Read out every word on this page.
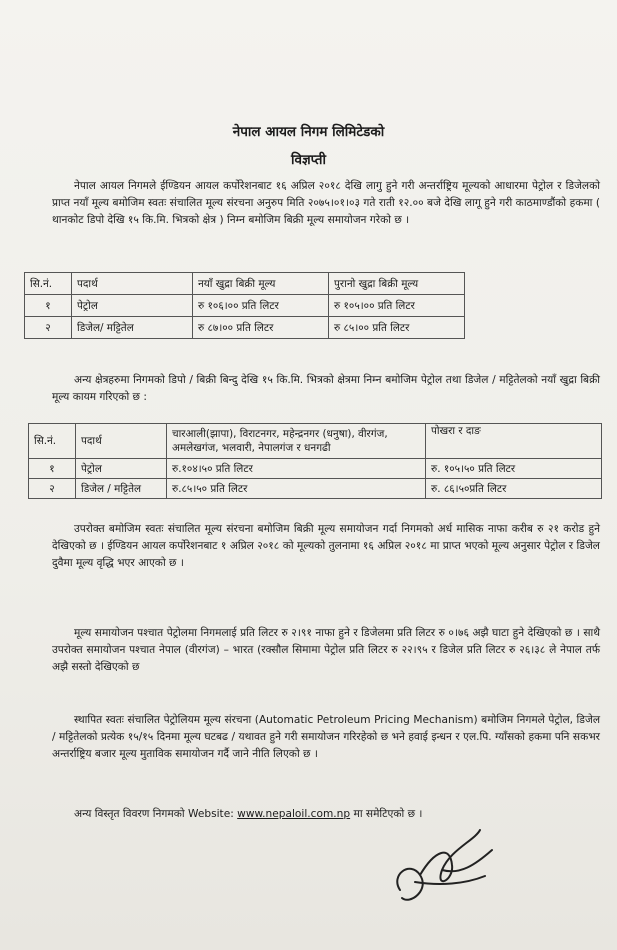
नेपाल आयल निगम लिमिटेडको
विज्ञप्ती
नेपाल आयल निगमले ईण्डियन आयल कर्पोरेशनबाट १६ अप्रिल २०१८ देखि लागु हुने गरी अन्तर्राष्ट्रिय मूल्यको आधारमा पेट्रोल र डिजेलको प्राप्त नयाँ मूल्य बमोजिम स्वतः संचालित मूल्य संरचना अनुरुप मिति २०७५।०१।०३ गते राती १२.०० बजे देखि लागू हुने गरी काठमाण्डौंको हकमा ( थानकोट डिपो देखि १५ कि.मि. भित्रको क्षेत्र ) निम्न बमोजिम बिक्री मूल्य समायोजन गरेको छ ।
सि.नं.	पदार्थ	नयाँ खुद्रा बिक्री मूल्य	पुरानो खुद्रा बिक्री मूल्य
१	पेट्रोल	रु १०६।०० प्रति लिटर	रु १०५।०० प्रति लिटर
२	डिजेल/ मट्टितेल	रु ८७।०० प्रति लिटर	रु ८५।०० प्रति लिटर
अन्य क्षेत्रहरुमा निगमको डिपो / बिक्री बिन्दु देखि १५ कि.मि. भित्रको क्षेत्रमा निम्न बमोजिम पेट्रोल तथा डिजेल / मट्टितेलको नयाँ खुद्रा बिक्री मूल्य कायम गरिएको छ :
सि.नं.	पदार्थ	चारआली(झापा), विराटनगर, महेन्द्रनगर (धनुषा), वीरगंज, अमलेखगंज, भलवारी, नेपालगंज र धनगढी	पोखरा र दाङ
१	पेट्रोल	रु.१०४।५० प्रति लिटर	रु. १०५।५० प्रति लिटर
२	डिजेल / मट्टितेल	रु.८५।५० प्रति लिटर	रु. ८६।५०प्रति लिटर
उपरोक्त बमोजिम स्वतः संचालित मूल्य संरचना बमोजिम बिक्री मूल्य समायोजन गर्दा निगमको अर्ध मासिक नाफा करीब रु २१ करोड हुने देखिएको छ । ईण्डियन आयल कर्पोरेशनबाट १ अप्रिल २०१८ को मूल्यको तुलनामा १६ अप्रिल २०१८ मा प्राप्त भएको मूल्य अनुसार पेट्रोल र डिजेल दुवैमा मूल्य वृद्धि भएर आएको छ ।
मूल्य समायोजन पश्चात पेट्रोलमा निगमलाई प्रति लिटर रु २।९१ नाफा हुने र डिजेलमा प्रति लिटर रु ०।७६ अझै घाटा हुने देखिएको छ । साथै उपरोक्त समायोजन पश्चात नेपाल (वीरगंज) – भारत (रक्सौल सिमामा पेट्रोल प्रति लिटर रु २२।९५ र डिजेल प्रति लिटर रु २६।३८ ले नेपाल तर्फ अझै सस्तो देखिएको छ
स्थापित स्वतः संचालित पेट्रोलियम मूल्य संरचना (Automatic Petroleum Pricing Mechanism) बमोजिम निगमले पेट्रोल, डिजेल / मट्टितेलको प्रत्येक १५/१५ दिनमा मूल्य घटबढ / यथावत हुने गरी समायोजन गरिरहेको छ भने हवाई इन्धन र एल.पि. ग्याँसको हकमा पनि सकभर अन्तर्राष्ट्रिय बजार मूल्य मुताविक समायोजन गर्दै जाने नीति लिएको छ ।
अन्य विस्तृत विवरण निगमको Website: www.nepaloil.com.np मा समेटिएको छ ।
